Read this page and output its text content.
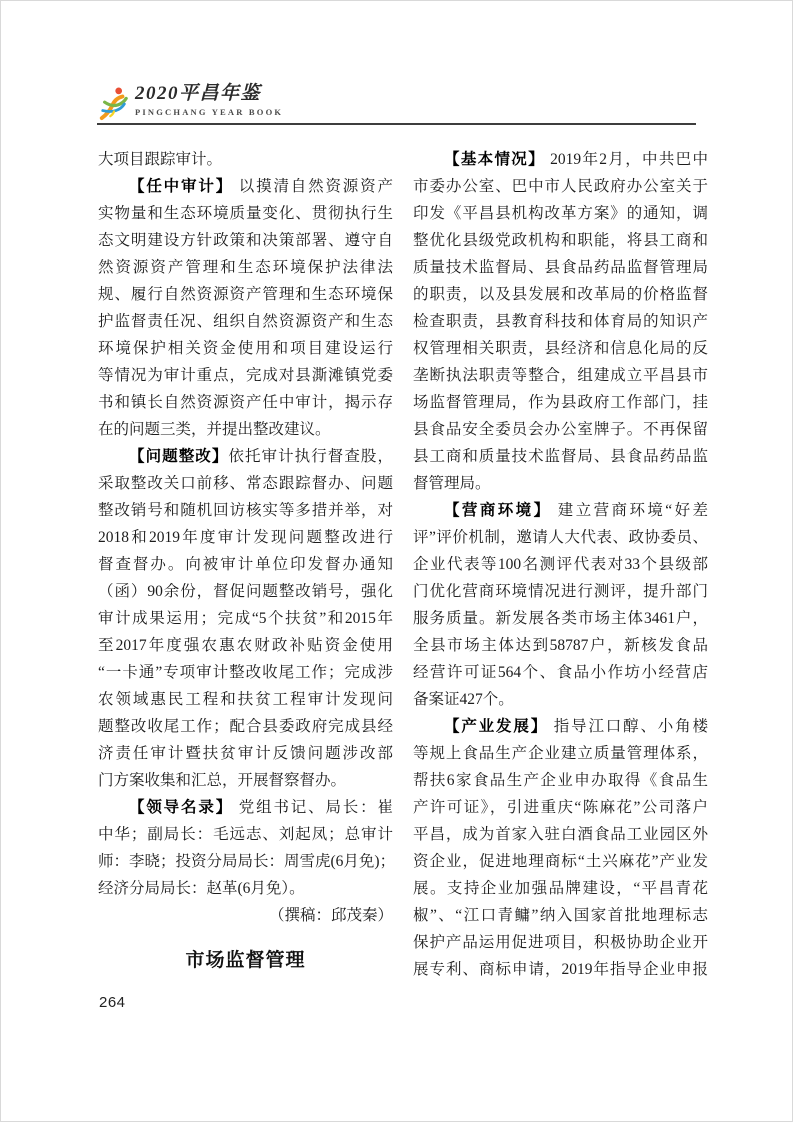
2020平昌年鉴
PINGCHANG YEAR BOOK
大项目跟踪审计。
【任中审计】 以摸清自然资源资产
实物量和生态环境质量变化、贯彻执行生
态文明建设方针政策和决策部署、遵守自
然资源资产管理和生态环境保护法律法
规、履行自然资源资产管理和生态环境保
护监督责任况、组织自然资源资产和生态
环境保护相关资金使用和项目建设运行
等情况为审计重点，完成对县澌滩镇党委
书和镇长自然资源资产任中审计，揭示存
在的问题三类，并提出整改建议。
【问题整改】依托审计执行督查股，
采取整改关口前移、常态跟踪督办、问题
整改销号和随机回访核实等多措并举，对
2018和2019年度审计发现问题整改进行
督查督办。向被审计单位印发督办通知
（函）90余份，督促问题整改销号，强化
审计成果运用；完成“5个扶贫”和2015年
至2017年度强农惠农财政补贴资金使用
“一卡通”专项审计整改收尾工作；完成涉
农领域惠民工程和扶贫工程审计发现问
题整改收尾工作；配合县委政府完成县经
济责任审计暨扶贫审计反馈问题涉改部
门方案收集和汇总，开展督察督办。
【领导名录】 党组书记、局长：崔
中华；副局长：毛远志、刘起凤；总审计
师：李晓；投资分局局长：周雪虎(6月免)；
经济分局局长：赵革(6月免）。
（撰稿：邱茂秦）
市场监督管理
【基本情况】 2019年2月，中共巴中
市委办公室、巴中市人民政府办公室关于
印发《平昌县机构改革方案》的通知，调
整优化县级党政机构和职能，将县工商和
质量技术监督局、县食品药品监督管理局
的职责，以及县发展和改革局的价格监督
检查职责，县教育科技和体育局的知识产
权管理相关职责，县经济和信息化局的反
垄断执法职责等整合，组建成立平昌县市
场监督管理局，作为县政府工作部门，挂
县食品安全委员会办公室牌子。不再保留
县工商和质量技术监督局、县食品药品监
督管理局。
【营商环境】 建立营商环境“好差
评”评价机制，邀请人大代表、政协委员、
企业代表等100名测评代表对33个县级部
门优化营商环境情况进行测评，提升部门
服务质量。新发展各类市场主体3461户，
全县市场主体达到58787户，新核发食品
经营许可证564个、食品小作坊小经营店
备案证427个。
【产业发展】 指导江口醇、小角楼
等规上食品生产企业建立质量管理体系，
帮扶6家食品生产企业申办取得《食品生
产许可证》，引进重庆“陈麻花”公司落户
平昌，成为首家入驻白酒食品工业园区外
资企业，促进地理商标“土兴麻花”产业发
展。支持企业加强品牌建设，“平昌青花
椒”、“江口青鳙”纳入国家首批地理标志
保护产品运用促进项目，积极协助企业开
展专利、商标申请，2019年指导企业申报
264
